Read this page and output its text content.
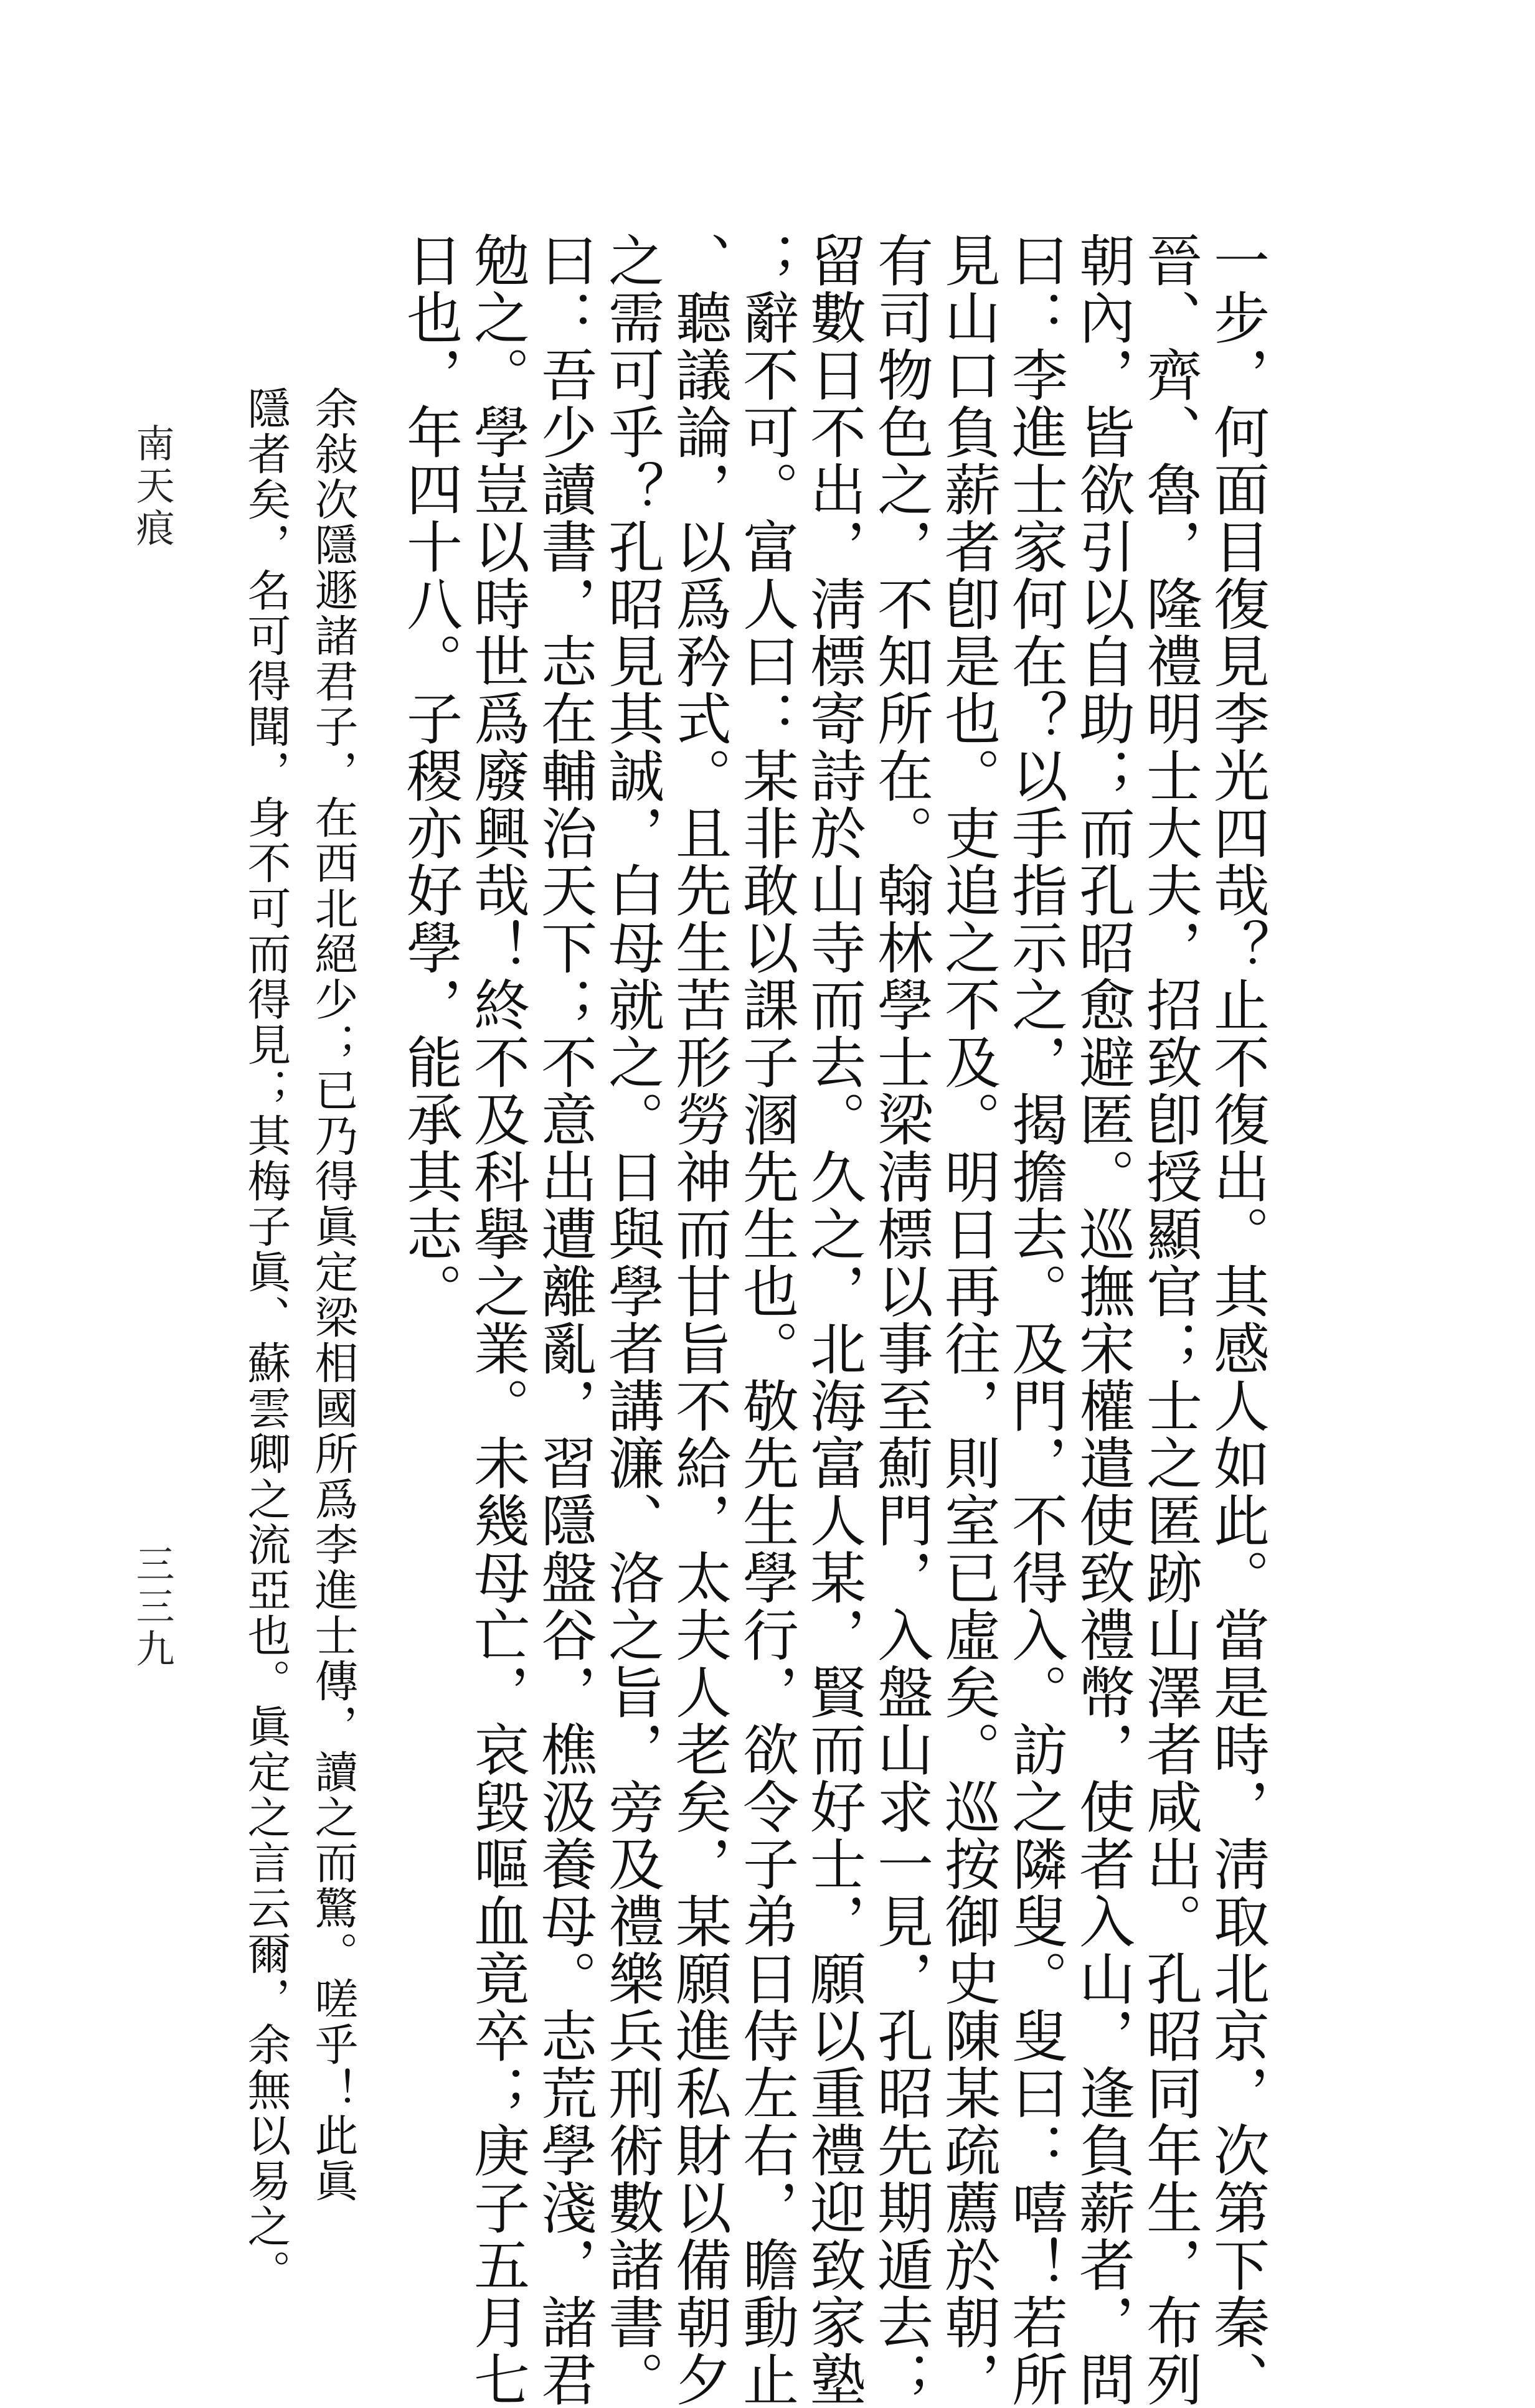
一步，何面目復見李光四哉？止不復出。其感人如此。當是時，淸取北京，次第下秦、
晉、齊、魯，隆禮明士大夫，招致卽授顯官；士之匿跡山澤者咸出。孔昭同年生，布列
朝內，皆欲引以自助；而孔昭愈避匿。巡撫宋權遣使致禮幣，使者入山，逢負薪者，問
曰：李進士家何在？以手指示之，揭擔去。及門，不得入。訪之隣叟。叟曰：嘻！若所
見山口負薪者卽是也。吏追之不及。明日再往，則室已虛矣。巡按御史陳某疏薦於朝，
有司物色之，不知所在。翰林學士梁淸標以事至薊門，入盤山求一見，孔昭先期遁去；
留數日不出，淸標寄詩於山寺而去。久之，北海富人某，賢而好士，願以重禮迎致家塾
；辭不可。富人曰：某非敢以課子溷先生也。敬先生學行，欲令子弟日侍左右，瞻動止
、聽議論，以爲矜式。且先生苦形勞神而甘旨不給，太夫人老矣，某願進私財以備朝夕
之需可乎？孔昭見其誠，白母就之。日與學者講濂、洛之旨，旁及禮樂兵刑術數諸書。
曰：吾少讀書，志在輔治天下；不意出遭離亂，習隱盤谷，樵汲養母。志荒學淺，諸君
勉之。學豈以時世爲廢興哉！終不及科擧之業。未幾母亡，哀毀嘔血竟卒；庚子五月七
日也，年四十八。子稷亦好學，能承其志。
余敍次隱遯諸君子，在西北絕少；已乃得眞定梁相國所爲李進士傳，讀之而驚。嗟乎！此眞
隱者矣，名可得聞，身不可而得見；其梅子眞、蘇雲卿之流亞也。眞定之言云爾，余無以易之。
南天痕
三三九
